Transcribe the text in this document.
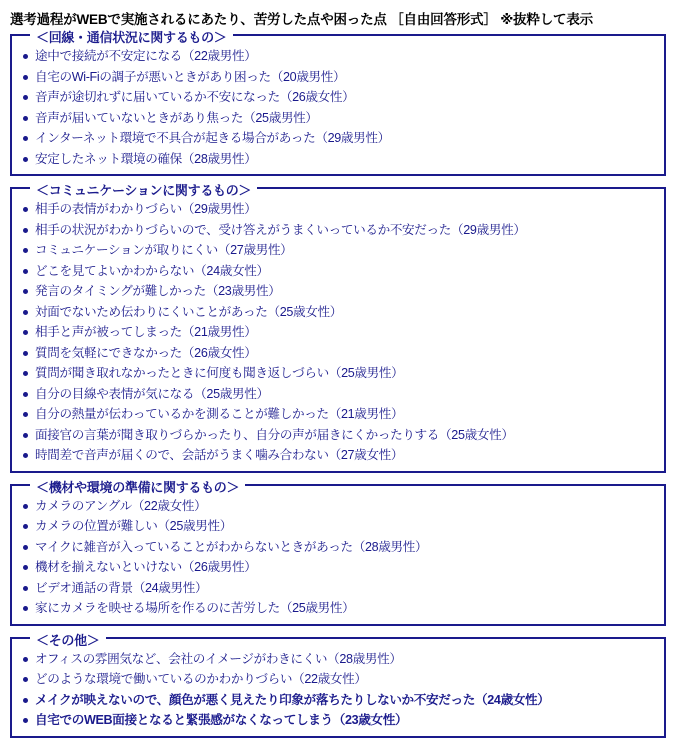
選考過程がWEBで実施されるにあたり、苦労した点や困った点 ［自由回答形式］ ※抜粋して表示
＜回線・通信状況に関するもの＞
途中で接続が不安定になる（22歳男性）
自宅のWi-Fiの調子が悪いときがあり困った（20歳男性）
音声が途切れずに届いているか不安になった（26歳女性）
音声が届いていないときがあり焦った（25歳男性）
インターネット環境で不具合が起きる場合があった（29歳男性）
安定したネット環境の確保（28歳男性）
＜コミュニケーションに関するもの＞
相手の表情がわかりづらい（29歳男性）
相手の状況がわかりづらいので、受け答えがうまくいっているか不安だった（29歳男性）
コミュニケーションが取りにくい（27歳男性）
どこを見てよいかわからない（24歳女性）
発言のタイミングが難しかった（23歳男性）
対面でないため伝わりにくいことがあった（25歳女性）
相手と声が被ってしまった（21歳男性）
質問を気軽にできなかった（26歳女性）
質問が聞き取れなかったときに何度も聞き返しづらい（25歳男性）
自分の目線や表情が気になる（25歳男性）
自分の熱量が伝わっているかを測ることが難しかった（21歳男性）
面接官の言葉が聞き取りづらかったり、自分の声が届きにくかったりする（25歳女性）
時間差で音声が届くので、会話がうまく噛み合わない（27歳女性）
＜機材や環境の準備に関するもの＞
カメラのアングル（22歳女性）
カメラの位置が難しい（25歳男性）
マイクに雑音が入っていることがわからないときがあった（28歳男性）
機材を揃えないといけない（26歳男性）
ビデオ通話の背景（24歳男性）
家にカメラを映せる場所を作るのに苦労した（25歳男性）
＜その他＞
オフィスの雰囲気など、会社のイメージがわきにくい（28歳男性）
どのような環境で働いているのかわかりづらい（22歳女性）
メイクが映えないので、顔色が悪く見えたり印象が落ちたりしないか不安だった（24歳女性）
自宅でのWEB面接となると緊張感がなくなってしまう（23歳女性）
